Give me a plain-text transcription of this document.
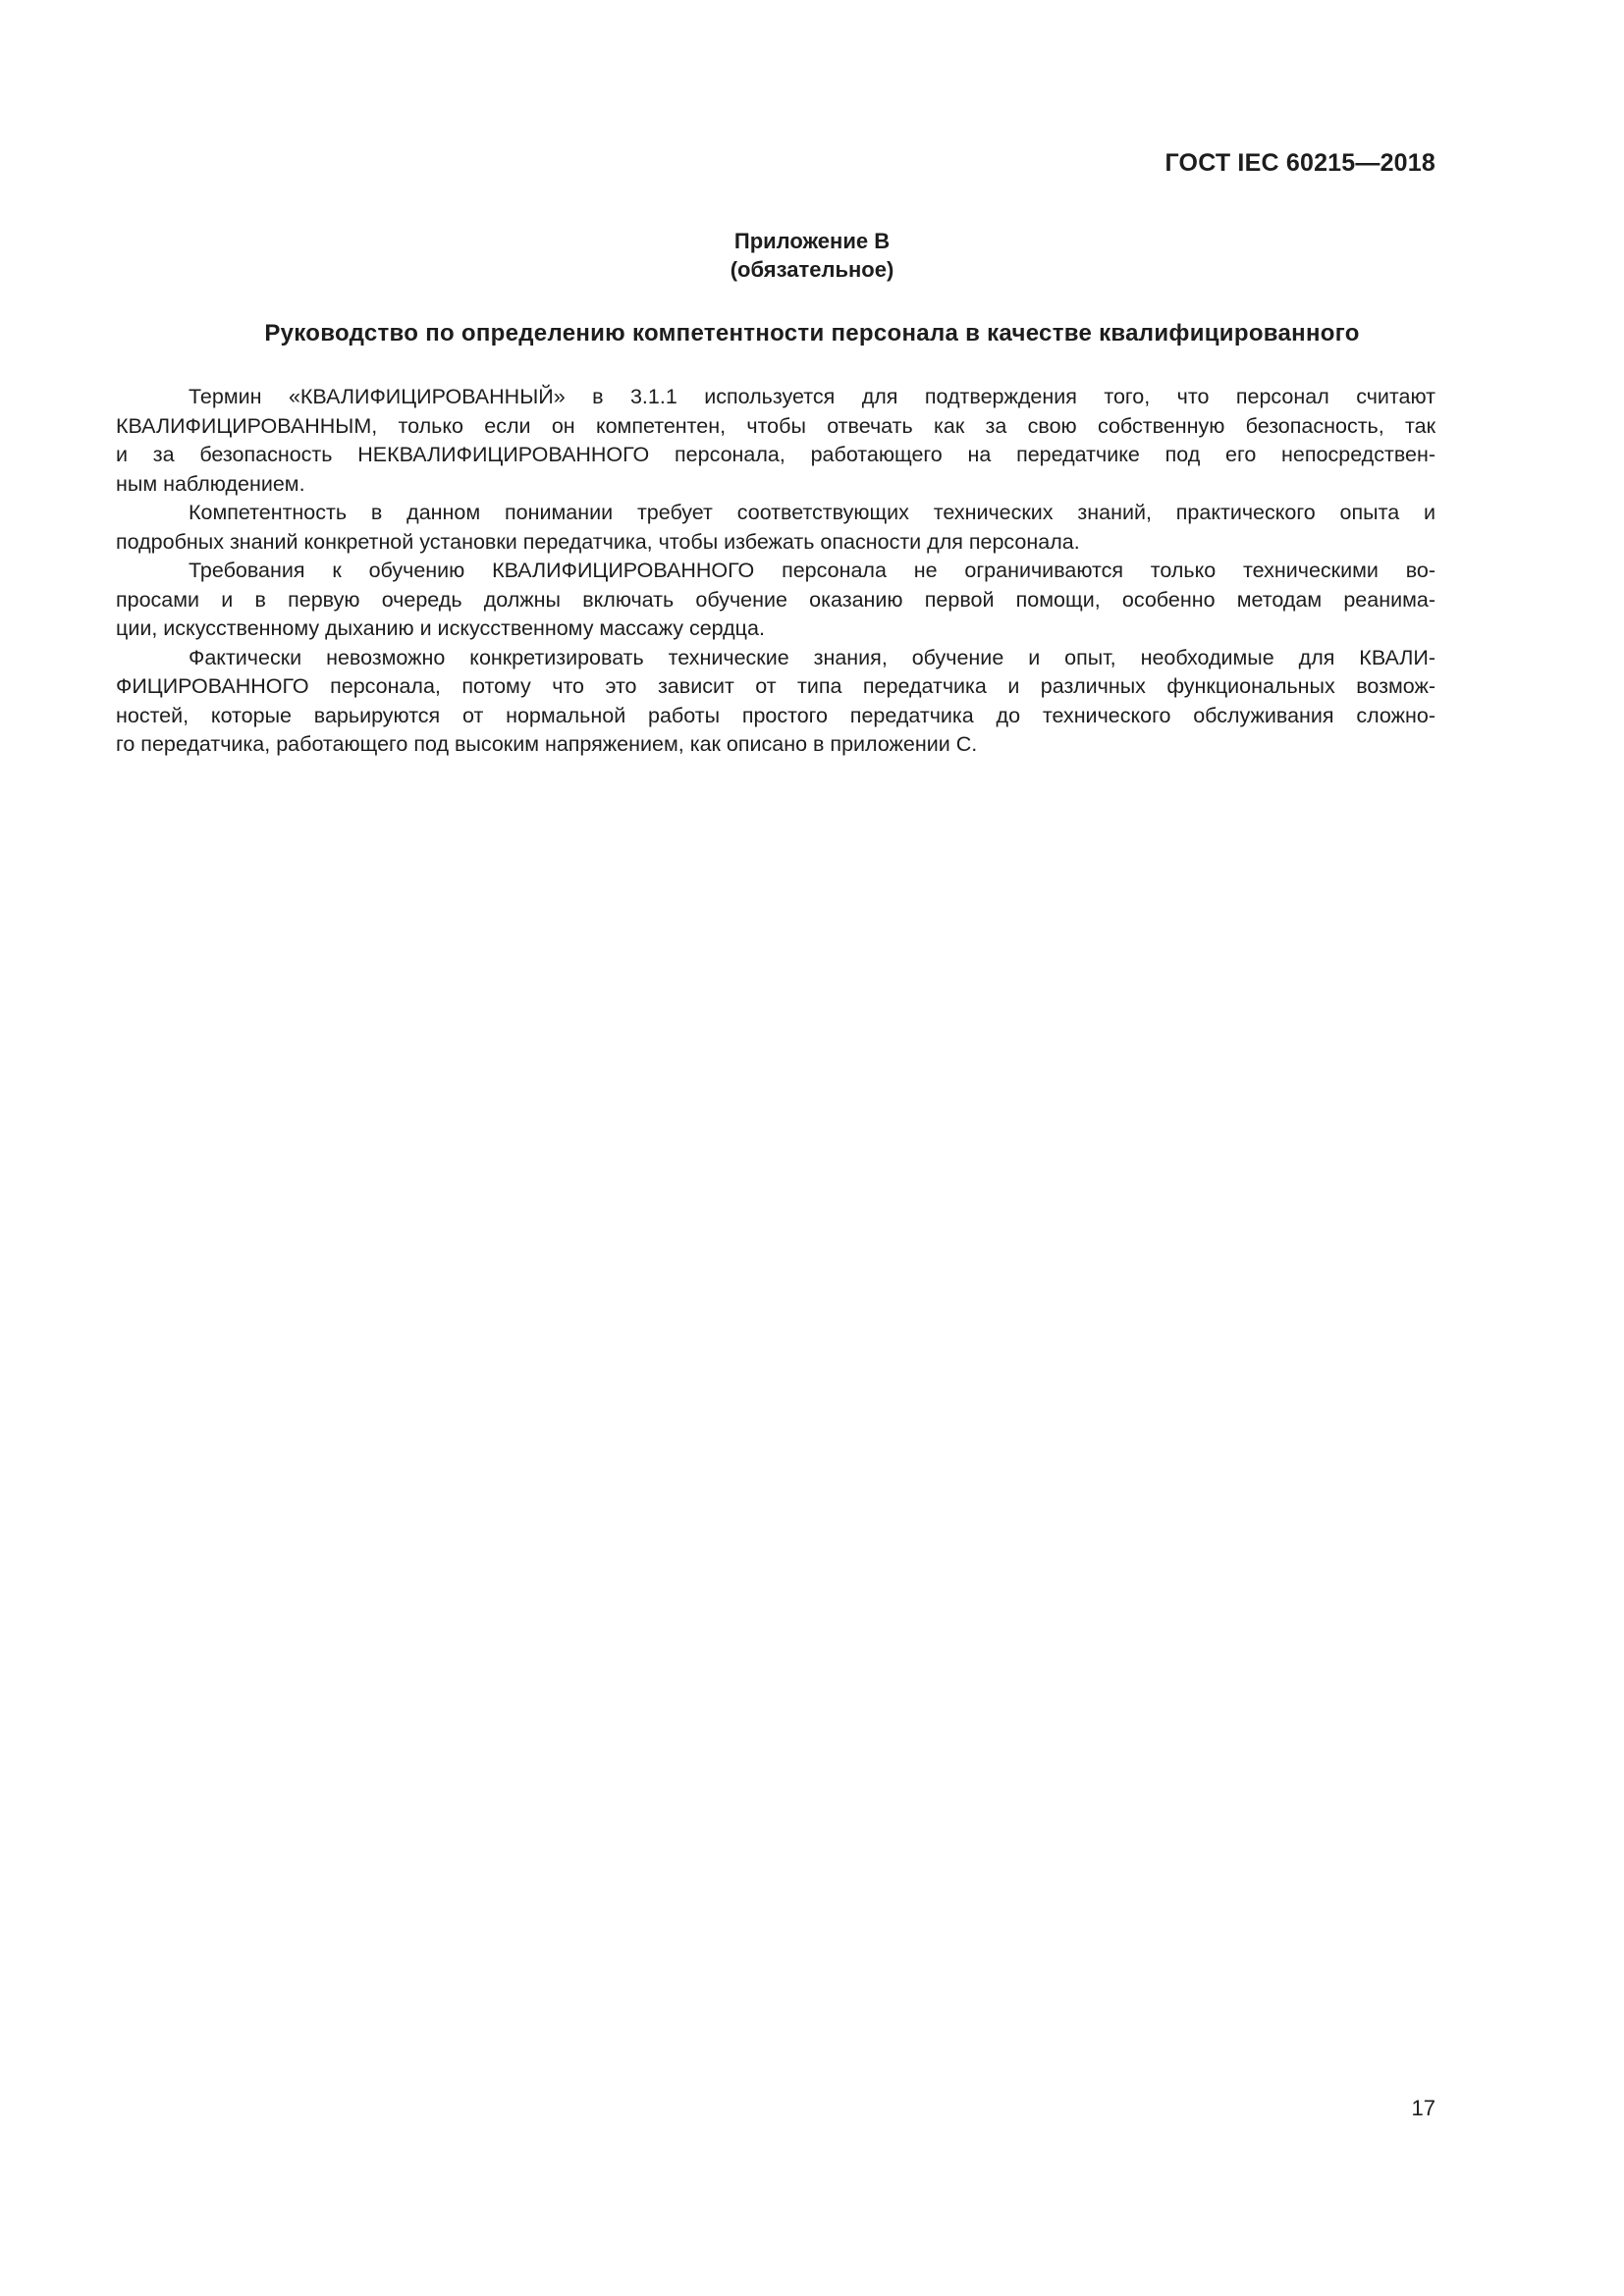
ГОСТ IEC 60215—2018
Приложение B
(обязательное)
Руководство по определению компетентности персонала в качестве квалифицированного
Термин «КВАЛИФИЦИРОВАННЫЙ» в 3.1.1 используется для подтверждения того, что персонал считают
КВАЛИФИЦИРОВАННЫМ, только если он компетентен, чтобы отвечать как за свою собственную безопасность, так
и за безопасность НЕКВАЛИФИЦИРОВАННОГО персонала, работающего на передатчике под его непосредствен-
ным наблюдением.
Компетентность в данном понимании требует соответствующих технических знаний, практического опыта и
подробных знаний конкретной установки передатчика, чтобы избежать опасности для персонала.
Требования к обучению КВАЛИФИЦИРОВАННОГО персонала не ограничиваются только техническими во-
просами и в первую очередь должны включать обучение оказанию первой помощи, особенно методам реанима-
ции, искусственному дыханию и искусственному массажу сердца.
Фактически невозможно конкретизировать технические знания, обучение и опыт, необходимые для КВАЛИ-
ФИЦИРОВАННОГО персонала, потому что это зависит от типа передатчика и различных функциональных возмож-
ностей, которые варьируются от нормальной работы простого передатчика до технического обслуживания сложно-
го передатчика, работающего под высоким напряжением, как описано в приложении С.
17
